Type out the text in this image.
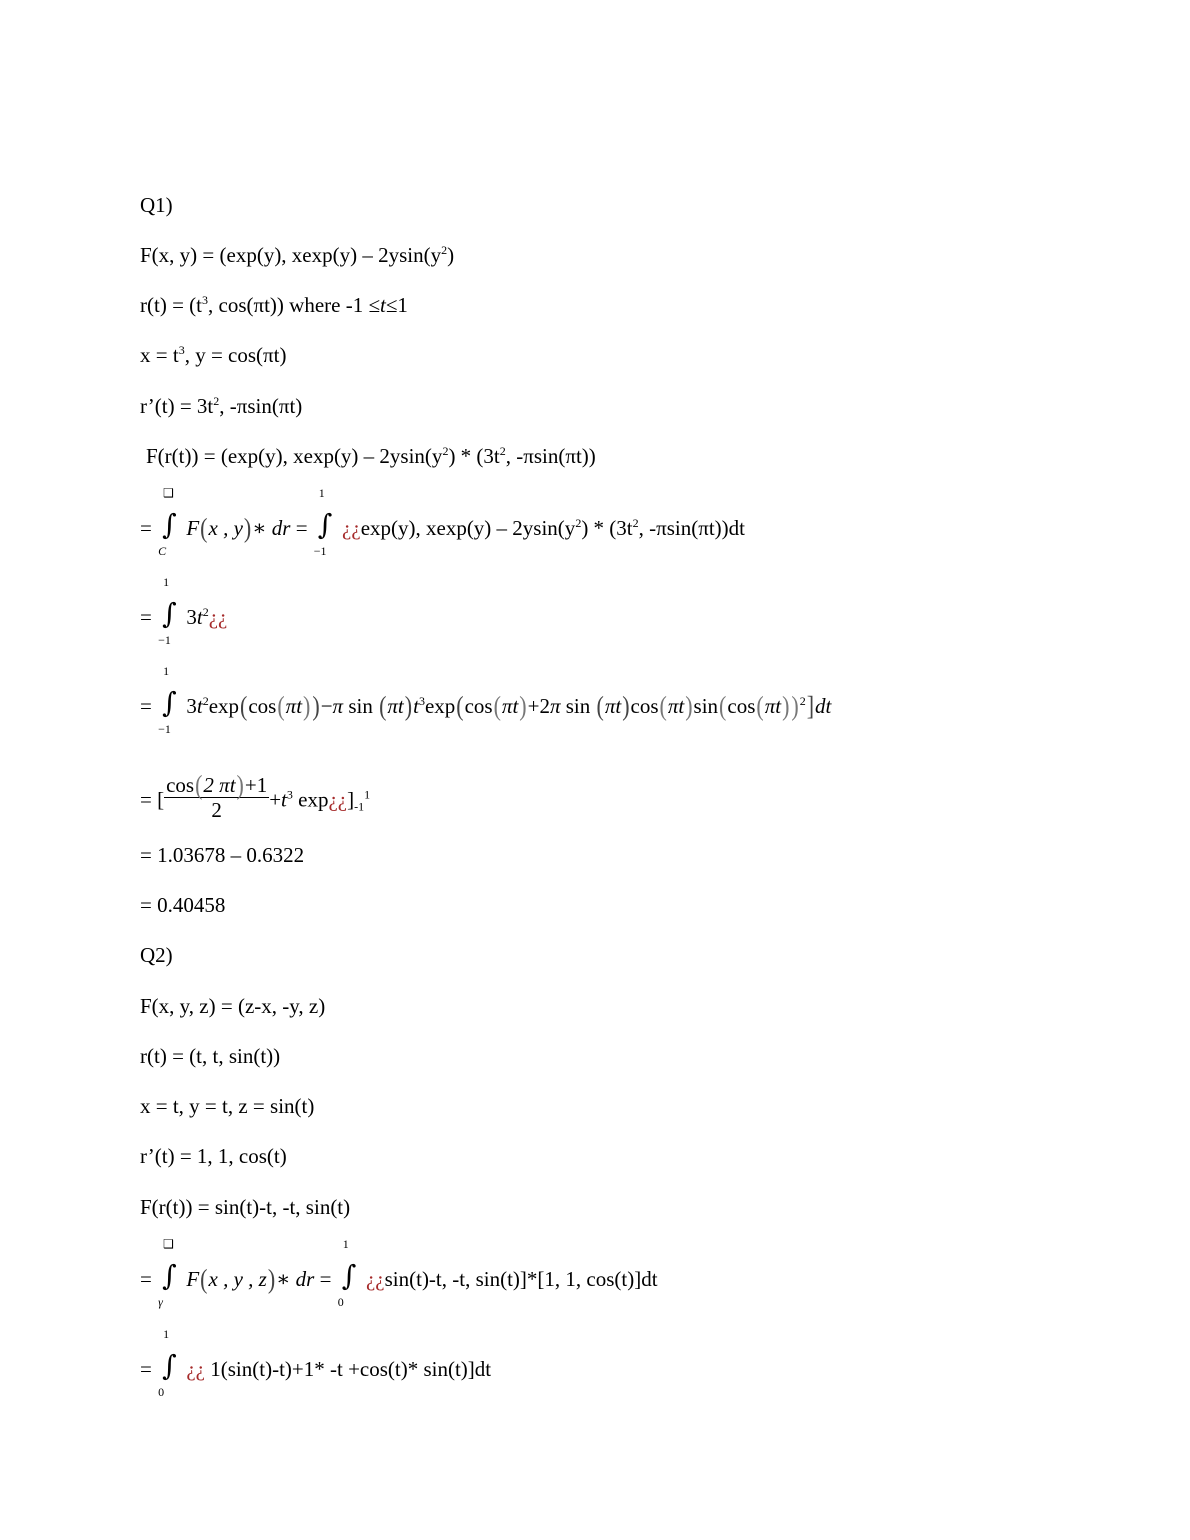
Q1)
F(x, y) = (exp(y), $xexp(y) - 2ysin(y^2)$
$r(t) = (t^3$, cos(πt)) where -1 ≤t≤1
$x = t^3$, y = cos(πt)
r’(t) = $3t^2$, -πsin(πt)
F(r(t)) = (exp(y), $xexp(y) - 2ysin(y^2) * (3t^2$, -πsin(πt))
= ∫
❑
C
F(x , y)∗ dr = ∫
1
−1
¿¿exp(y), $xexp(y) - 2ysin(y^2) * (3t^2$, -πsin(πt))dt
= ∫
1
−1
$3t^2¿¿$
= ∫
1
−1
$3t^2\exp(\cos(\pi t))-\pi$ $\sin (\pi t)t^3\exp(\cos(\pi t)+2\pi$ $\sin (\pi t)\cos(\pi t)\sin(\cos(\pi t))^2]dt$
= [ $\frac{\cos(2 \pi t)+1}{2} +t^3$ $\exp¿¿]_{-1}^1$
= 1.03678 – 0.6322
= 0.40458
Q2)
F(x, y, z) = (z-x, -y, z)
r(t) = (t, t, sin(t))
x = t, y = t, z = sin(t)
r’(t) = 1, 1, cos(t)
F(r(t)) = sin(t)-t, -t, sin(t)
= ∫
❑
γ
F(x , y , z)∗ dr = ∫
1
0
¿¿sin(t)-t, -t, sin(t)]*[1, 1, cos(t)]dt
= ∫
1
0
¿¿ 1(sin(t)-t)+1* -t +cos(t)* sin(t)]dt
